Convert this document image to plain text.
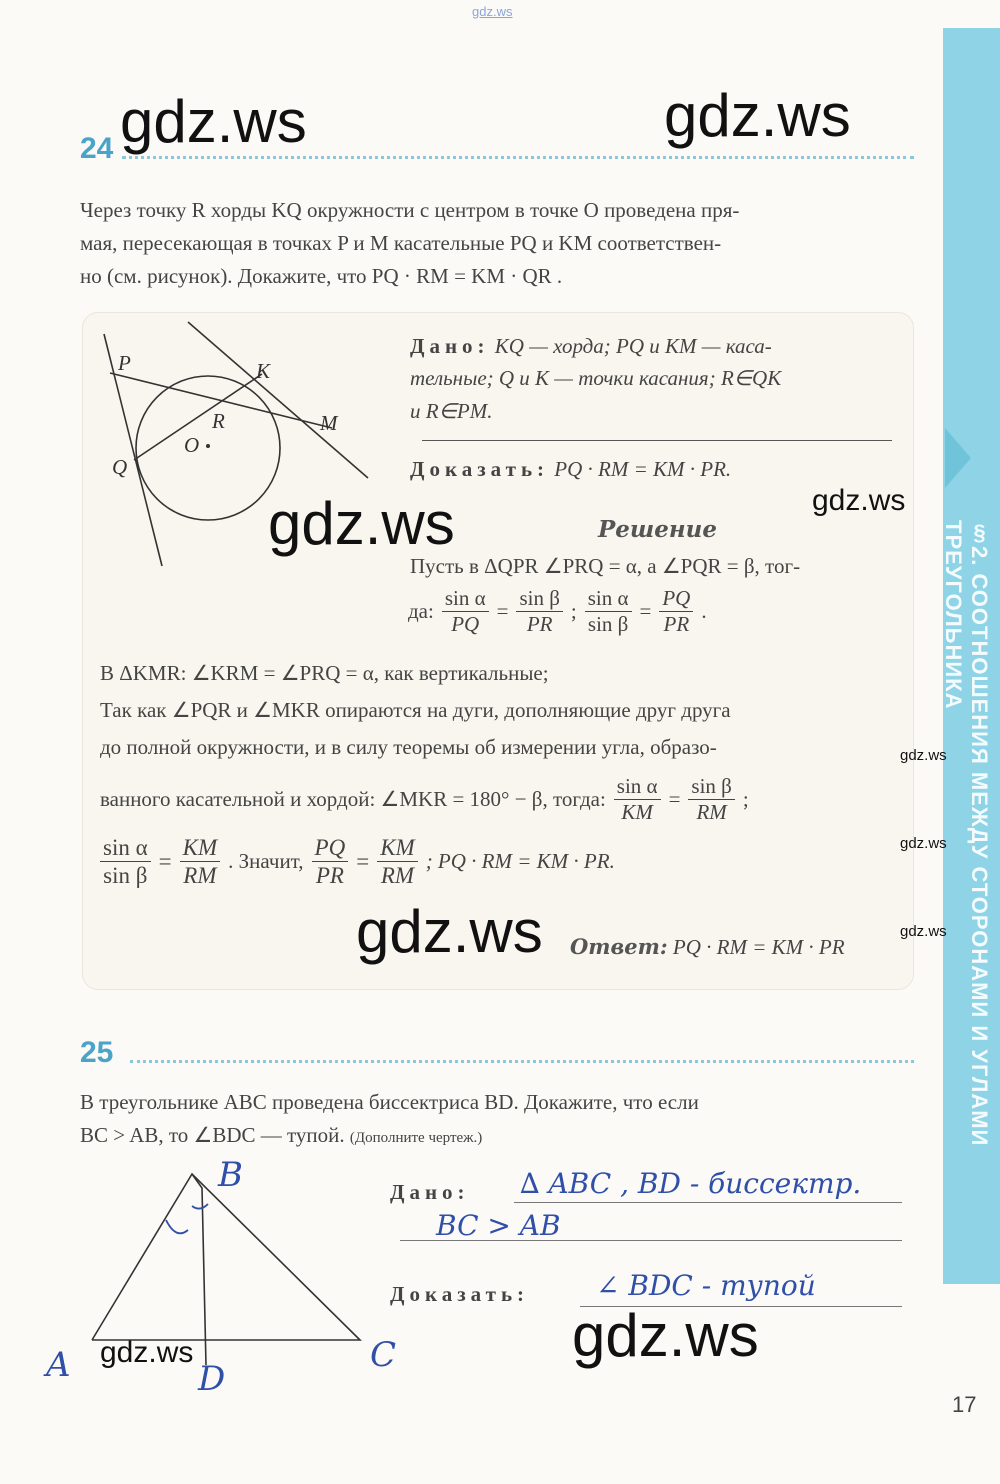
gdz.ws
§2. СООТНОШЕНИЯ МЕЖДУ СТОРОНАМИ И УГЛАМИ ТРЕУГОЛЬНИКА
24 gdz.ws	gdz.ws
Через точку R хорды KQ окружности с центром в точке O проведена пря-
мая, пересекающая в точках P и M касательные PQ и KM соответствен-
но (см. рисунок). Докажите, что PQ · RM = KM · QR .
P	K
R	M
O
Q
Дано: KQ — хорда; PQ и KM — каса-
тельные; Q и K — точки касания; R∈QK
и R∈PM.
Доказать: PQ · RM = KM · PR.
gdz.ws
gdz.ws	Решение
Пусть в ΔQPR ∠PRQ = α, а ∠PQR = β, тог-
да: $\frac{\text{sin α}}{PQ} = \frac{\text{sin β}}{PR}$ ; $\frac{\text{sin α}}{\text{sin β}} = \frac{PQ}{PR}$ .
В ΔKMR: ∠KRM = ∠PRQ = α, как вертикальные;
Так как ∠PQR и ∠MKR опираются на дуги, дополняющие друг друга
до полной окружности, и в силу теоремы об измерении угла, образо-	gdz.ws
ванного касательной и хордой: ∠MKR = 180° − β, тогда: $\frac{\text{sin α}}{KM} = \frac{\text{sin β}}{RM}$ ;
gdz.ws
$\frac{\text{sin α}}{\text{sin β}} = \frac{KM}{RM}$ . Значит, $\frac{PQ}{PR} = \frac{KM}{RM}$ ; PQ · RM = KM · PR.
gdz.ws
gdz.ws Ответ: PQ · RM = KM · PR
25
В треугольнике ABC проведена биссектриса BD. Докажите, что если
BC > AB, то ∠BDC — тупой. (Дополните чертеж.)
B
A	C
D
Дано: ∆ ABC , BD - биссектр.
BC > AB
Доказать: ∠ BDC - тупой
gdz.ws	gdz.ws
17
